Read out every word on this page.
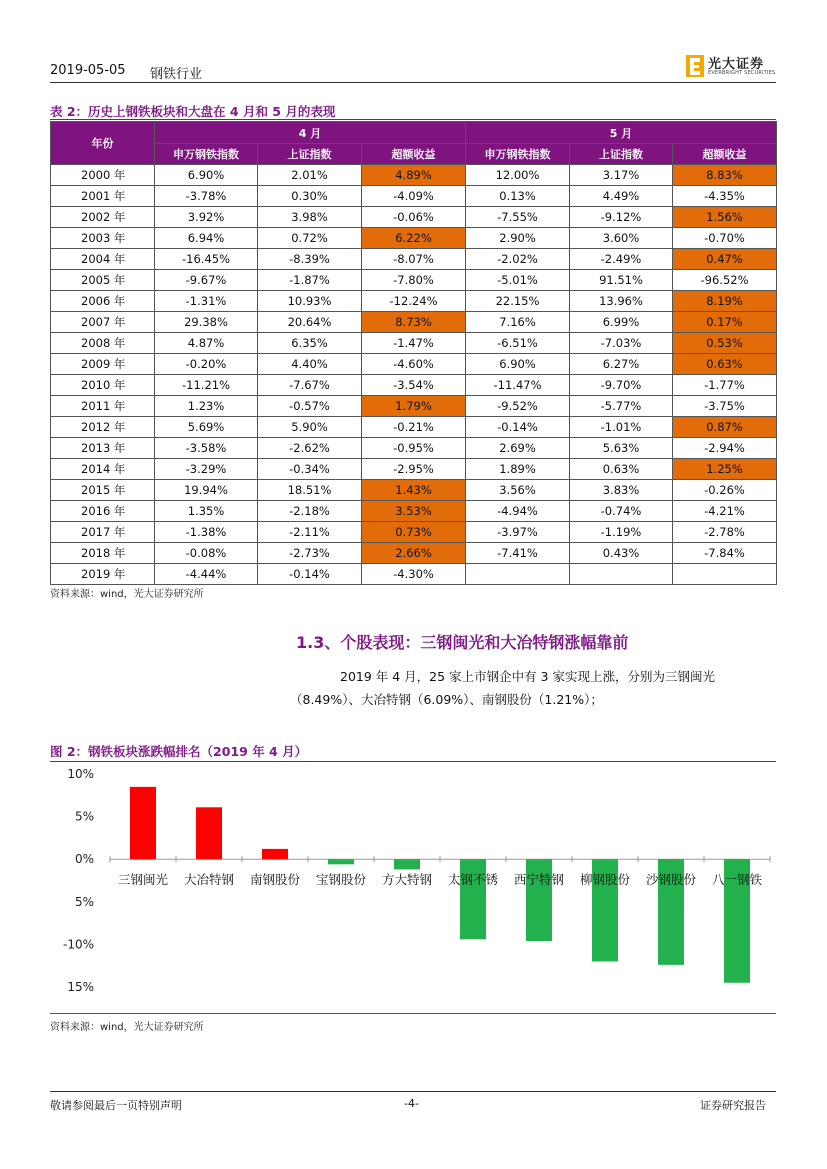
2019-05-05 钢铁行业
光大证券
EVERBRIGHT SECURITIES
表 2：历史上钢铁板块和大盘在 4 月和 5 月的表现
年份	4 月			5 月		
	申万钢铁指数	上证指数	超额收益	申万钢铁指数	上证指数	超额收益
2000 年	6.90%	2.01%	4.89%	12.00%	3.17%	8.83%
2001 年	-3.78%	0.30%	-4.09%	0.13%	4.49%	-4.35%
2002 年	3.92%	3.98%	-0.06%	-7.55%	-9.12%	1.56%
2003 年	6.94%	0.72%	6.22%	2.90%	3.60%	-0.70%
2004 年	-16.45%	-8.39%	-8.07%	-2.02%	-2.49%	0.47%
2005 年	-9.67%	-1.87%	-7.80%	-5.01%	91.51%	-96.52%
2006 年	-1.31%	10.93%	-12.24%	22.15%	13.96%	8.19%
2007 年	29.38%	20.64%	8.73%	7.16%	6.99%	0.17%
2008 年	4.87%	6.35%	-1.47%	-6.51%	-7.03%	0.53%
2009 年	-0.20%	4.40%	-4.60%	6.90%	6.27%	0.63%
2010 年	-11.21%	-7.67%	-3.54%	-11.47%	-9.70%	-1.77%
2011 年	1.23%	-0.57%	1.79%	-9.52%	-5.77%	-3.75%
2012 年	5.69%	5.90%	-0.21%	-0.14%	-1.01%	0.87%
2013 年	-3.58%	-2.62%	-0.95%	2.69%	5.63%	-2.94%
2014 年	-3.29%	-0.34%	-2.95%	1.89%	0.63%	1.25%
2015 年	19.94%	18.51%	1.43%	3.56%	3.83%	-0.26%
2016 年	1.35%	-2.18%	3.53%	-4.94%	-0.74%	-4.21%
2017 年	-1.38%	-2.11%	0.73%	-3.97%	-1.19%	-2.78%
2018 年	-0.08%	-2.73%	2.66%	-7.41%	0.43%	-7.84%
2019 年	-4.44%	-0.14%	-4.30%			
资料来源：wind，光大证券研究所
1.3、个股表现：三钢闽光和大冶特钢涨幅靠前
2019 年 4 月，25 家上市钢企中有 3 家实现上涨，分别为三钢闽光
（8.49%）、大冶特钢（6.09%）、南钢股份（1.21%）；
图 2：钢铁板块涨跌幅排名（2019 年 4 月）
10%
5%
0%
5%
-10%
15%
三钢闽光 大冶特钢 南钢股份 宝钢股份 方大特钢 太钢不锈 西宁特钢 柳钢股份 沙钢股份 八一钢铁
资料来源：wind，光大证券研究所
敬请参阅最后一页特别声明	-4-	证券研究报告
